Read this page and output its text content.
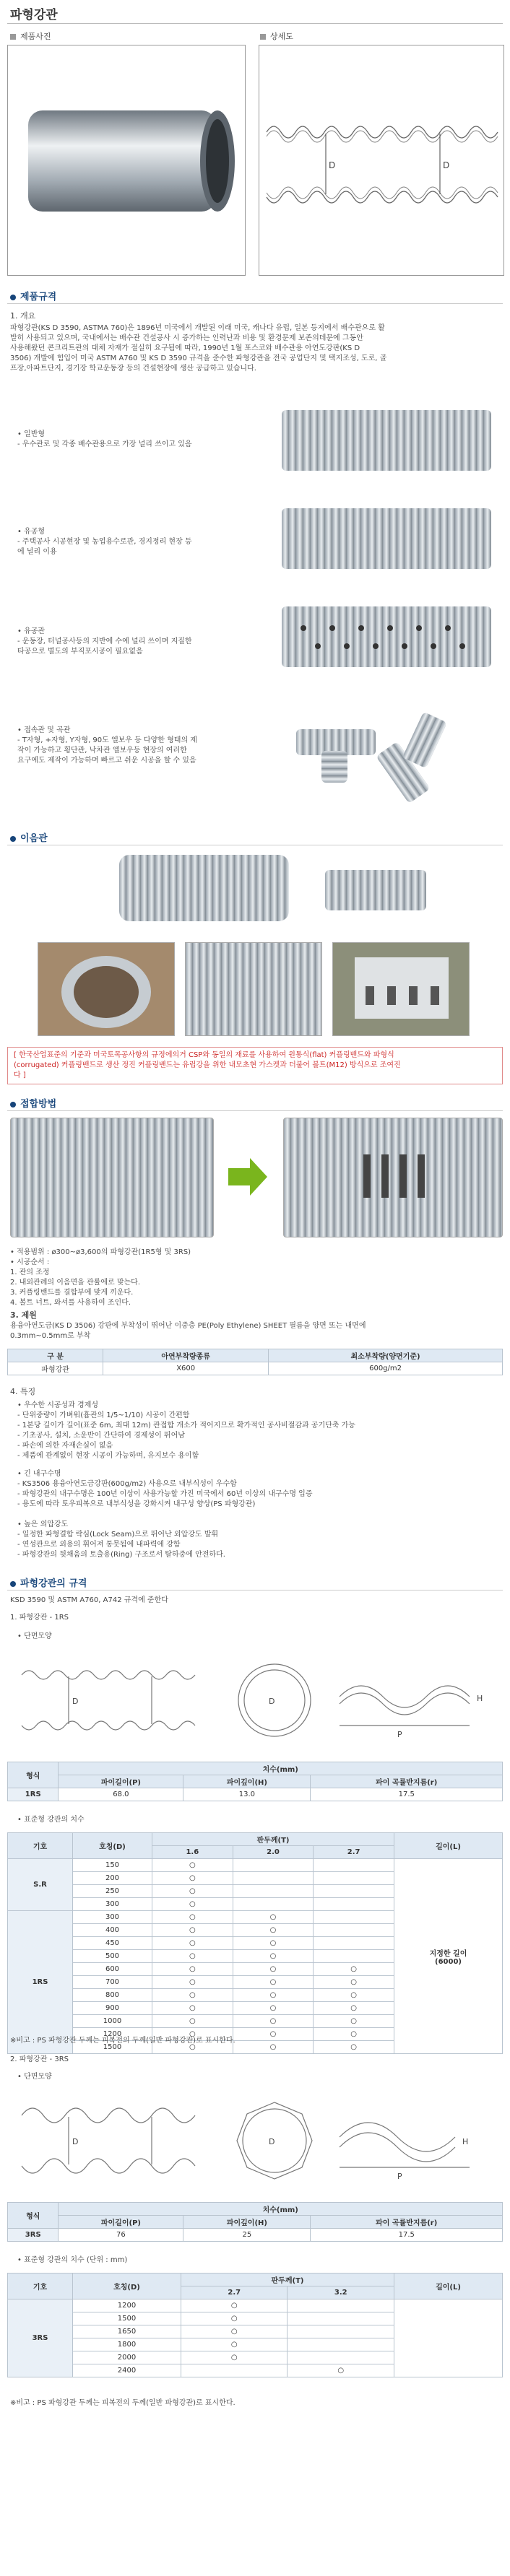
파형강관
제품사진	상세도
D	D
제품규격
1. 개요
파형강관(KS D 3590, ASTMA 760)은 1896년 미국에서 개발된 이래 미국, 캐나다 유럽, 일본 등지에서 배수관으로 활
발히 사용되고 있으며, 국내에서는 배수관 건설공사 시 증가하는 인력난과 비용 및 환경문제 보존의데문에 그동안
사용해왔던 콘크리트관의 대체 자재가 절실히 요구됨에 따라, 1990년 1월 포스코와 배수관용 아연도강판(KS D
3506) 개발에 힘입어 미국 ASTM A760 및 KS D 3590 규격을 준수한 파형강관을 전국 공업단지 및 택지조성, 도로, 골
프장,아파트단지, 경기장 학교운동장 등의 건설현장에 생산 공급하고 있습니다.
• 일반형
- 우수관로 및 각종 배수관용으로 가장 널리 쓰이고 있음
• 유공형
- 주택공사 시공현장 및 농업용수로관, 경지정리 현장 등
에 널리 이용
• 유공관
- 운동장, 터널공사등의 지반에 수에 널리 쓰이며 지질한
타공으로 별도의 부직포시공이 필요없음
• 접속관 및 곡관
- T자형, +자형, Y자형, 90도 엘보우 등 다양한 형태의 제
작이 가능하고 횡단관, 낙차관 엘보우등 현장의 여러한
요구에도 제작이 가능하며 빠르고 쉬운 시공을 할 수 있음
이음관
[ 한국산업표준의 기준과 미국토목공사항의 규정에의거 CSP와 동일의 재료를 사용하여 원통식(flat) 커플링밴드와 파형식
(corrugated) 커플링밴드로 생산 정진 커플링밴드는 유럽강을 위한 내모초현 가스켓과 더불어 볼트(M12) 방식으로 조여진
다 ]
접합방법
• 적용범위 : ø300~ø3,600의 파형강관(1R5형 및 3RS)
• 시공순서 :
1. 관의 조정
2. 내외관례의 이음면을 관률에로 맞는다.
3. 커플링밴드를 결합부에 맞게 끼운다.
4. 볼트 너트, 와셔를 사용하여 조인다.
3. 제원
용융아연도금(KS D 3506) 강판에 부착성이 뛰어난 이중층 PE(Poly Ethylene) SHEET 필름을 양면 또는 내면에
0.3mm~0.5mm로 부착
구 분	아연부착량종류	최소부착량(양면기준)
파형강관	X600	600g/m2
4. 특징
• 우수한 시공성과 경제성
- 단위중량이 가벼워(흄관의 1/5~1/10) 시공이 간편함
- 1본당 길이가 길어(표준 6m, 최대 12m) 관접합 개소가 적어지므로 확가적인 공사비절감과 공기단축 가능
- 기초공사, 설치, 소운반이 간단하여 경제성이 뛰어남
- 파손에 의한 자재손실이 없음
- 제품에 관계없이 현장 시공이 가능하며, 유지보수 용이함
• 긴 내구수명
- KS3506 용융아연도금강판(600g/m2) 사용으로 내부식성이 우수함
- 파형강관의 내구수명은 100년 이상이 사용가능할 가진 미국에서 60년 이상의 내구수명 입증
- 용도에 따라 토우피복으로 내부식성을 강화시켜 내구성 향상(PS 파형강관)
• 높은 외압강도
- 일정한 파형결합 락심(Lock Seam)으로 뛰어난 외압강도 발휘
- 연성관으로 외용의 휘어져 통뭇됨에 내파력에 강함
- 파형강관의 뒷채움의 토출용(Ring) 구조로서 탈하중에 안전하다.
파형강관의 규격
KSD 3590 및 ASTM A760, A742 규격에 준한다
1. 파형강관 - 1RS
• 단면모양
D	D
P
H
형식	치수(mm)		
	파이길이(P)	파이깊이(H)	파이 곡률반지름(r)
1RS	68.0	13.0	17.5
• 표준형 강관의 치수
기호	호칭(D)	판두께(T)			길이(L)
		1.6	2.0	2.7	
S.R	150	○			지정한 길이
(6000)
	200	○			
	250	○			
	300	○			
1RS	300	○	○		
	400	○	○		
	450	○	○		
	500	○	○		
	600	○	○	○	
	700	○	○	○	
	800	○	○	○	
	900	○	○	○	
	1000	○	○	○	
	1200	○	○	○	
	1500	○	○	○	
※비고 : PS 파형강관 두께는 피복전의 두께(일반 파형강관)로 표시한다.
2. 파형강관 - 3RS
• 단면모양
D	D
P
H
형식	치수(mm)		
	파이길이(P)	파이깊이(H)	파이 곡률반지름(r)
3RS	76	25	17.5
• 표준형 강관의 치수 (단위 : mm)
기호	호칭(D)	판두께(T)		길이(L)
		2.7	3.2	
3RS	1200	○		
	1500	○		
	1650	○		
	1800	○		
	2000	○		
	2400		○	
※비고 : PS 파형강관 두께는 피복전의 두께(일반 파형강관)로 표시한다.
